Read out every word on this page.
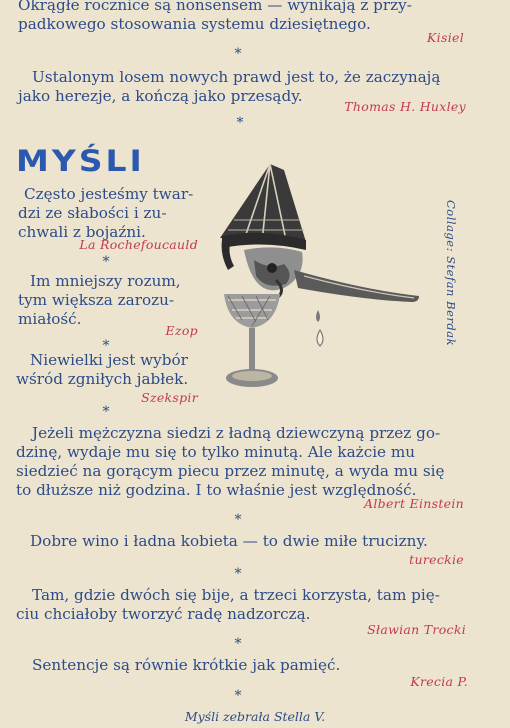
Okrągłe rocznice są nonsensem — wynikają z przy-
padkowego stosowania systemu dziesiętnego.
Kisiel
*
Ustalonym losem nowych prawd jest to, że zaczynają
jako herezje, a kończą jako przesądy.
Thomas H. Huxley
*
MYŚLI
Często jesteśmy twar-
dzi ze słabości i zu-
chwali z bojaźni.
La Rochefoucauld
*
Im mniejszy rozum,
tym większa zarozu-
miałość.
Ezop
*
Niewielki jest wybór
wśród zgniłych jabłek.
Szekspir
*
Collage: Stefan Berdak
Jeżeli mężczyzna siedzi z ładną dziewczyną przez go-
dzinę, wydaje mu się to tylko minutą. Ale każcie mu
siedzieć na gorącym piecu przez minutę, a wyda mu się
to dłuższe niż godzina. I to właśnie jest względność.
Albert Einstein
*
Dobre wino i ładna kobieta — to dwie miłe trucizny.
tureckie
*
Tam, gdzie dwóch się bije, a trzeci korzysta, tam pię-
ciu chciałoby tworzyć radę nadzorczą.
Sławian Trocki
*
Sentencje są równie krótkie jak pamięć.
Krecia P.
*
Myśli zebrała Stella V.
